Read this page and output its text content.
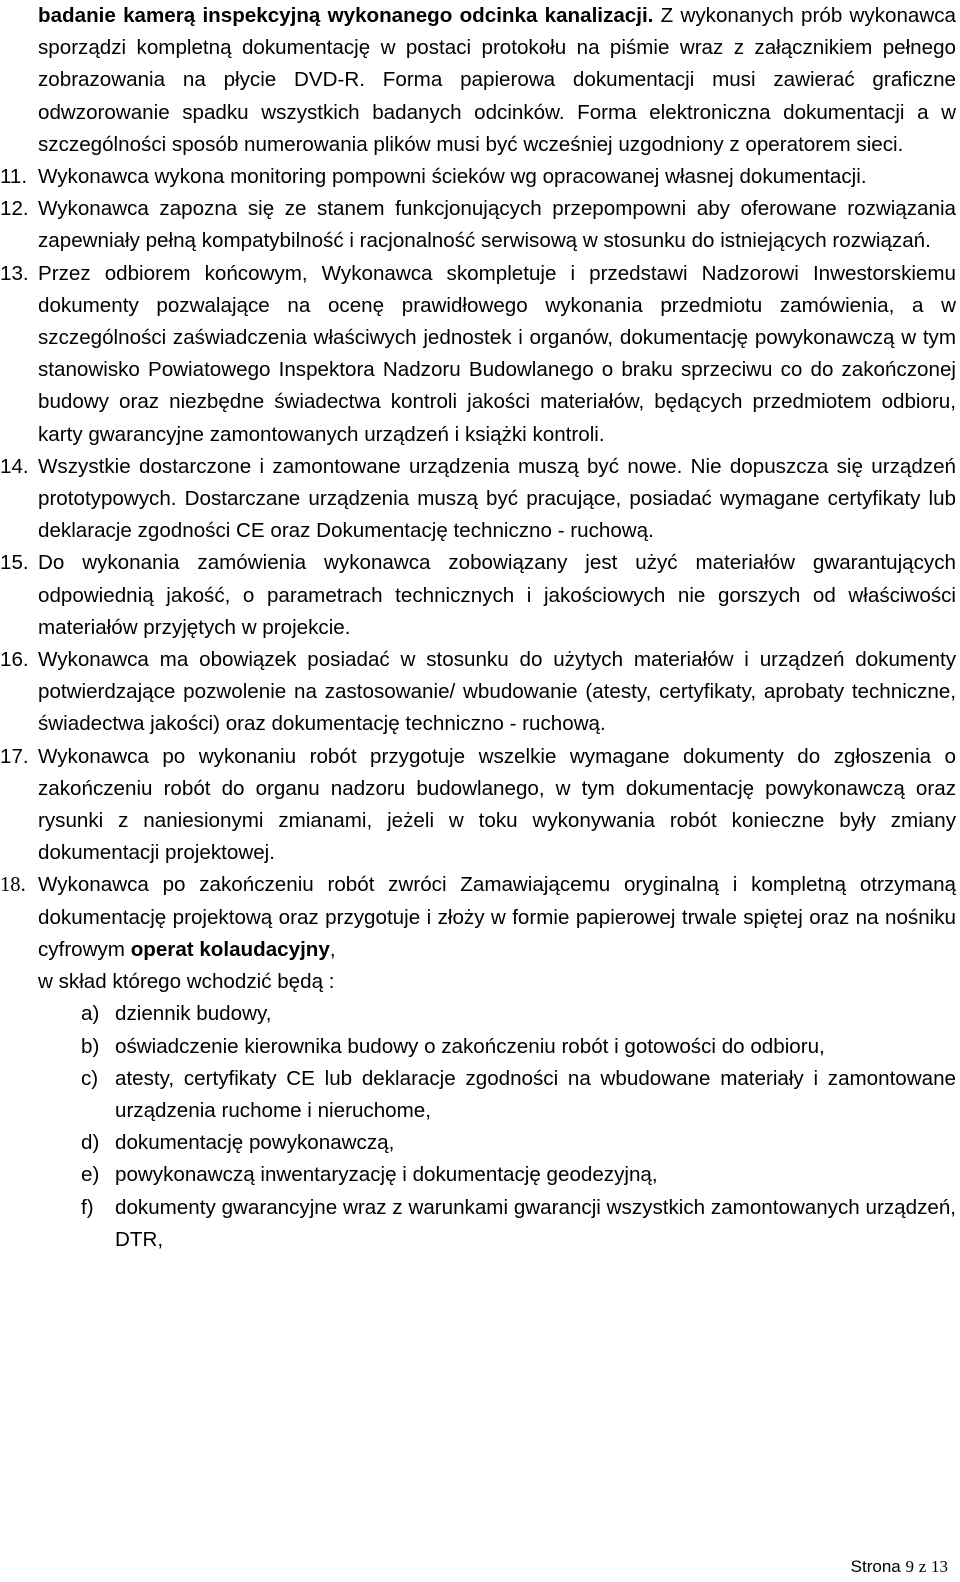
badanie kamerą inspekcyjną wykonanego odcinka kanalizacji. Z wykonanych prób wykonawca sporządzi kompletną dokumentację w postaci protokołu na piśmie wraz z załącznikiem pełnego zobrazowania na płycie DVD-R. Forma papierowa dokumentacji musi zawierać graficzne odwzorowanie spadku wszystkich badanych odcinków. Forma elektroniczna dokumentacji a w szczególności sposób numerowania plików musi być wcześniej uzgodniony z operatorem sieci.

11. Wykonawca wykona monitoring pompowni ścieków wg opracowanej własnej dokumentacji.
12. Wykonawca zapozna się ze stanem funkcjonujących przepompowni aby oferowane rozwiązania zapewniały pełną kompatybilność i racjonalność serwisową w stosunku do istniejących rozwiązań.
13. Przez odbiorem końcowym, Wykonawca skompletuje i przedstawi Nadzorowi Inwestorskiemu dokumenty pozwalające na ocenę prawidłowego wykonania przedmiotu zamówienia, a w szczególności zaświadczenia właściwych jednostek i organów, dokumentację powykonawczą w tym stanowisko Powiatowego Inspektora Nadzoru Budowlanego o braku sprzeciwu co do zakończonej budowy oraz niezbędne świadectwa kontroli jakości materiałów, będących przedmiotem odbioru, karty gwarancyjne zamontowanych urządzeń i książki kontroli.
14. Wszystkie dostarczone i zamontowane urządzenia muszą być nowe. Nie dopuszcza się urządzeń prototypowych. Dostarczane urządzenia muszą być pracujące, posiadać wymagane certyfikaty lub deklaracje zgodności CE oraz Dokumentację techniczno - ruchową.
15. Do wykonania zamówienia wykonawca zobowiązany jest użyć materiałów gwarantujących odpowiednią jakość, o parametrach technicznych i jakościowych nie gorszych od właściwości materiałów przyjętych w projekcie.
16. Wykonawca ma obowiązek posiadać w stosunku do użytych materiałów i urządzeń dokumenty potwierdzające pozwolenie na zastosowanie/ wbudowanie (atesty, certyfikaty, aprobaty techniczne, świadectwa jakości) oraz dokumentację techniczno - ruchową.
17. Wykonawca po wykonaniu robót przygotuje wszelkie wymagane dokumenty do zgłoszenia o zakończeniu robót do organu nadzoru budowlanego, w tym dokumentację powykonawczą oraz rysunki z naniesionymi zmianami, jeżeli w toku wykonywania robót konieczne były zmiany dokumentacji projektowej.
18. Wykonawca po zakończeniu robót zwróci Zamawiającemu oryginalną i kompletną otrzymaną dokumentację projektową oraz przygotuje i złoży w formie papierowej trwale spiętej oraz na nośniku cyfrowym operat kolaudacyjny,

w skład którego wchodzić będą :

a) dziennik budowy,
b) oświadczenie kierownika budowy o zakończeniu robót i gotowości do odbioru,
c) atesty, certyfikaty CE lub deklaracje zgodności na wbudowane materiały i zamontowane urządzenia ruchome i nieruchome,
d) dokumentację powykonawczą,
e) powykonawczą inwentaryzację i dokumentację geodezyjną,
f) dokumenty gwarancyjne wraz z warunkami gwarancji wszystkich zamontowanych urządzeń, DTR,
Strona 9 z 13
